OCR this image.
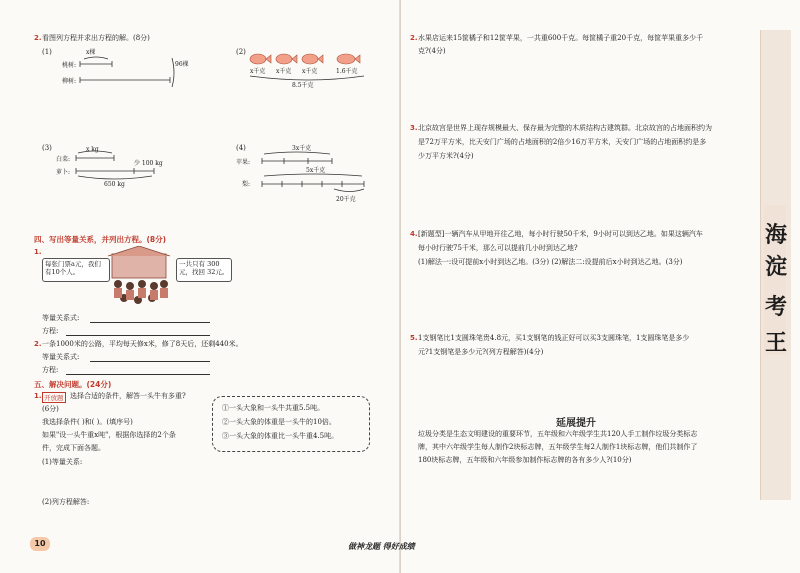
海
淀
考
王
2. 看图列方程并求出方程的解。(8分)
(1)
桃树:
柳树:
x棵
96棵
(2)
x千克 x千克 x千克	1.6千克
8.5千克
(3)	x kg
白菜:
萝卜:
少 100 kg
650 kg
(4)	3x千克
苹果:
5x千克
梨:
20千克
四、写出等量关系，并列出方程。(8分)
1.
每张门票a元，我们有10个人。
一共只有 300元，找回 32元。
等量关系式:
方程:
2. 一条1000米的公路，平均每天修x米，修了8天后，还剩440米。
等量关系式:
方程:
五、解决问题。(24分)
1. 开放题 选择合适的条件，解答一头牛有多重?
(6分)
我选择条件( )和( )。(填序号)
如果"设一头牛重x吨"，根据你选择的2个条
件，完成下面各题。
(1)等量关系:
(2)列方程解答:
①一头大象和一头牛共重5.5吨。
②一头大象的体重是一头牛的10倍。
③一头大象的体重比一头牛重4.5吨。
10
2. 水果店运来15筐橘子和12筐苹果，一共重600千克。每筐橘子重20千克，每筐苹果重多少千
克?(4分)
3. 北京故宫是世界上现存规模最大、保存最为完整的木质结构古建筑群。北京故宫的占地面积约为
是72万平方米，比天安门广场的占地面积的2倍少16万平方米，天安门广场的占地面积约是多
少万平方米?(4分)
4. [新题型]一辆汽车从甲地开往乙地，每小时行驶50千米，9小时可以到达乙地。如果这辆汽车
每小时行驶75千米，那么可以提前几小时到达乙地?
(1)解法一:设可提前x小时到达乙地。(3分) (2)解法二:设提前后x小时到达乙地。(3分)
5. 1支钢笔比1支圆珠笔贵4.8元，买1支钢笔的钱正好可以买3支圆珠笔，1支圆珠笔是多少
元?1支钢笔是多少元?(列方程解答)(4分)
延展提升
垃圾分类是生态文明建设的重要环节，五年级和六年级学生共120人手工制作垃圾分类标志
牌，其中六年级学生每人制作2块标志牌，五年级学生每2人制作1块标志牌，他们共制作了
180块标志牌，五年级和六年级参加制作标志牌的各有多少人?(10分)
做神龙题 得好成绩
